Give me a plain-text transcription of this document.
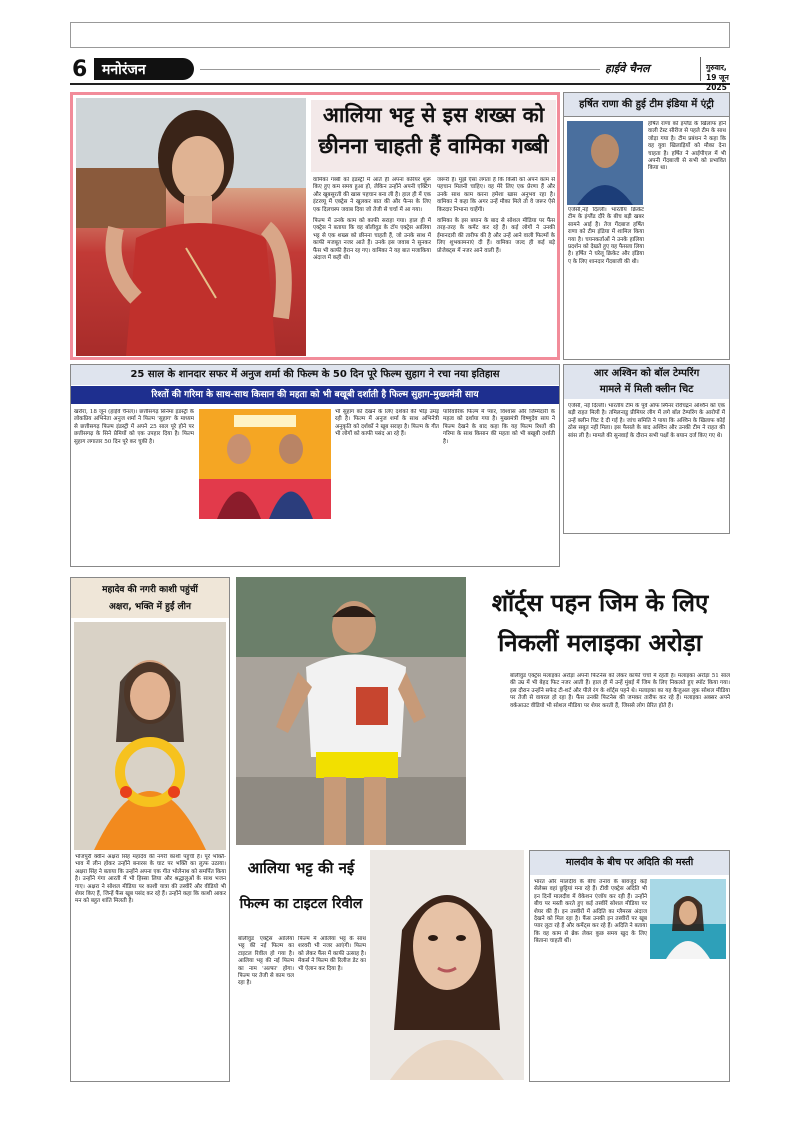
6 मनोरंजन	हाईवे चैनल	गुरुवार, 19 जून 2025
आलिया भट्ट से इस शख्स को
छीनना चाहती हैं वामिका गब्बी

वामिका गब्बी को इंडस्ट्री में आते ही अपना करियर शुरू किए हुए कम समय हुआ हो, लेकिन उन्होंने अपनी एक्टिंग और खूबसूरती की खास पहचान बना ली है। हाल ही में एक इंटरव्यू में एक्ट्रेस ने खुलकर बात की और फैन्स के लिए एक दिलचस्प जवाब दिया जो तेजी से चर्चा में आ गया।

फिल्म में उनके काम को काफी सराहा गया। हाल ही में एक्ट्रेस ने बताया कि वह बॉलीवुड के टॉप एक्ट्रेस आलिया भट्ट से एक शख्स को छीनना चाहती हैं, जो उनके साथ में काफी मजबूत नजर आते हैं। उनके इस जवाब ने सुनकर फैंस भी काफी हैरान रह गए। वामिका ने यह बात मजाकिया अंदाज में कही थी।

जरूरी है। मुझे ऐसा लगता है कि किसी को अपने काम से पहचान मिलनी चाहिए। वह मेरे लिए एक प्रेरणा हैं और उनके साथ काम करना हमेशा खास अनुभव रहा है। वामिका ने कहा कि अगर उन्हें मौका मिले तो वे जरूर ऐसे किरदार निभाना चाहेंगी।

वामिका के इस बयान के बाद से सोशल मीडिया पर फैंस तरह-तरह के कमेंट कर रहे हैं। कई लोगों ने उनकी ईमानदारी की तारीफ की है और उन्हें आने वाली फिल्मों के लिए शुभकामनाएं दी हैं। वामिका जल्द ही कई बड़े प्रोजेक्ट्स में नजर आने वाली हैं।

हर्षित राणा की हुई टीम इंडिया में एंट्री
एजेंसी,नई दिल्ली। भारतीय क्रिकेट टीम के इंग्लैंड दौरे के बीच बड़ी खबर सामने आई है। तेज गेंदबाज हर्षित राणा को टीम इंडिया में शामिल किया गया है। चयनकर्ताओं ने उनके हालिया प्रदर्शन को देखते हुए यह फैसला लिया है। हर्षित ने घरेलू क्रिकेट और इंडिया ए के लिए शानदार गेंदबाजी की थी।
हर्षित राणा को इंग्लैंड के खिलाफ होने वाली टेस्ट सीरीज से पहले टीम के साथ जोड़ा गया है। टीम प्रबंधन ने कहा कि वह युवा खिलाड़ियों को मौका देना चाहता है। हर्षित ने आईपीएल में भी अपनी गेंदबाजी से सभी को प्रभावित किया था।
आर अश्विन को बॉल टेम्परिंग
मामले में मिली क्लीन चिट
एजेंसी, नई दिल्ली। भारतीय टीम के पूर्व ऑफ स्पिनर रविचंद्रन अश्विन को एक बड़ी राहत मिली है। तमिलनाडु प्रीमियर लीग में लगे बॉल टेम्परिंग के आरोपों में उन्हें क्लीन चिट दे दी गई है। जांच समिति ने पाया कि अश्विन के खिलाफ कोई ठोस सबूत नहीं मिला। इस फैसले के बाद अश्विन और उनकी टीम ने राहत की सांस ली है। मामले की सुनवाई के दौरान सभी पक्षों के बयान दर्ज किए गए थे।
25 साल के शानदार सफर में अनुज शर्मा की फिल्म के 50 दिन पूरे फिल्म सुहाग ने रचा नया इतिहास
रिश्तों की गरिमा के साथ-साथ किसान की महता को भी बखूबी दर्शाती है फिल्म सुहाग-मुख्यमंत्री साय
खरोरा, 18 जून (हाईवे चैनल)। छत्तीसगढ़ सिनेमा इंडस्ट्री के लोकप्रिय अभिनेता अनुज शर्मा ने फिल्म 'सुहाग' के माध्यम से छत्तीसगढ़ फिल्म इंडस्ट्री में अपने 25 साल पूरे होने पर छत्तीसगढ़ के सिने प्रेमियों को एक उपहार दिया है। फिल्म सुहाग लगातार 50 दिन पूरे कर चुकी है।
भी सुहाग को देखने के लिए दर्शकों की भीड़ उमड़ रही है। फिल्म में अनुज शर्मा के साथ अभिनेत्री अनुकृति को दर्शकों ने खूब सराहा है। फिल्म के गीत भी लोगों को काफी पसंद आ रहे हैं।
पारिवारिक फिल्म में प्यार, विश्वास और जिम्मेदारी के महत्व को दर्शाया गया है। मुख्यमंत्री विष्णुदेव साय ने फिल्म देखने के बाद कहा कि यह फिल्म रिश्तों की गरिमा के साथ किसान की महता को भी बखूबी दर्शाती है।
महादेव की नगरी काशी पहुंचीं
अक्षरा, भक्ति में हुईं लीन
भोजपुरी क्वीन अक्षरा सिंह महादेव की नगरी काशी पहुंचीं हैं। पूरे भक्ति-भाव में लीन होकर उन्होंने बनारस के घाट पर भक्ति का लुत्फ उठाया। अक्षरा सिंह ने बताया कि उन्होंने अपना एक गीत भोलेनाथ को समर्पित किया है। उन्होंने गंगा आरती में भी हिस्सा लिया और श्रद्धालुओं के साथ भजन गाए। अक्षरा ने सोशल मीडिया पर काशी यात्रा की तस्वीरें और वीडियो भी शेयर किए हैं, जिन्हें फैंस खूब पसंद कर रहे हैं। उन्होंने कहा कि काशी आकर मन को बहुत शांति मिलती है।
शॉर्ट्स पहन जिम के लिए
निकलीं मलाइका अरोड़ा
बॉलीवुड एक्ट्रेस मलाइका अरोड़ा अपनी फिटनेस को लेकर काफी चर्चा में रहती हैं। मलाइका अरोड़ा 51 साल की उम्र में भी बेहद फिट नजर आती हैं। हाल ही में उन्हें मुंबई में जिम के लिए निकलते हुए स्पॉट किया गया। इस दौरान उन्होंने सफेद टी-शर्ट और पीले रंग के शॉर्ट्स पहने थे। मलाइका का यह कैजुअल लुक सोशल मीडिया पर तेजी से वायरल हो रहा है। फैंस उनकी फिटनेस की जमकर तारीफ कर रहे हैं। मलाइका अक्सर अपने वर्कआउट वीडियो भी सोशल मीडिया पर शेयर करती हैं, जिससे लोग प्रेरित होते हैं।
आलिया भट्ट की नई
फिल्म का टाइटल रिवील
बॉलीवुड एक्ट्रेस आलिया भट्ट की नई फिल्म का टाइटल रिवील हो गया है। आलिया भट्ट की नई फिल्म का नाम 'अल्फा' होगा। फिल्म पर तेजी से काम चल रहा है।
फिल्म में आलिया भट्ट के साथ शरवरी भी नजर आएंगी। फिल्म को लेकर फैंस में काफी उत्साह है। मेकर्स ने फिल्म की रिलीज डेट का भी ऐलान कर दिया है।
मालदीव के बीच पर अदिति की मस्ती
भारत और मालदीव के बीच तनाव के बावजूद कई सेलेब्स वहां छुट्टियां मना रहे हैं। टीवी एक्ट्रेस अदिति भी इन दिनों मालदीव में वेकेशन एंजॉय कर रही हैं। उन्होंने बीच पर मस्ती करते हुए कई तस्वीरें सोशल मीडिया पर शेयर की हैं। इन तस्वीरों में अदिति का ग्लैमरस अंदाज देखने को मिल रहा है। फैंस उनकी इन तस्वीरों पर खूब प्यार लुटा रहे हैं और कमेंट्स कर रहे हैं। अदिति ने बताया कि वह काम से ब्रेक लेकर कुछ समय खुद के लिए बिताना चाहती थीं।
